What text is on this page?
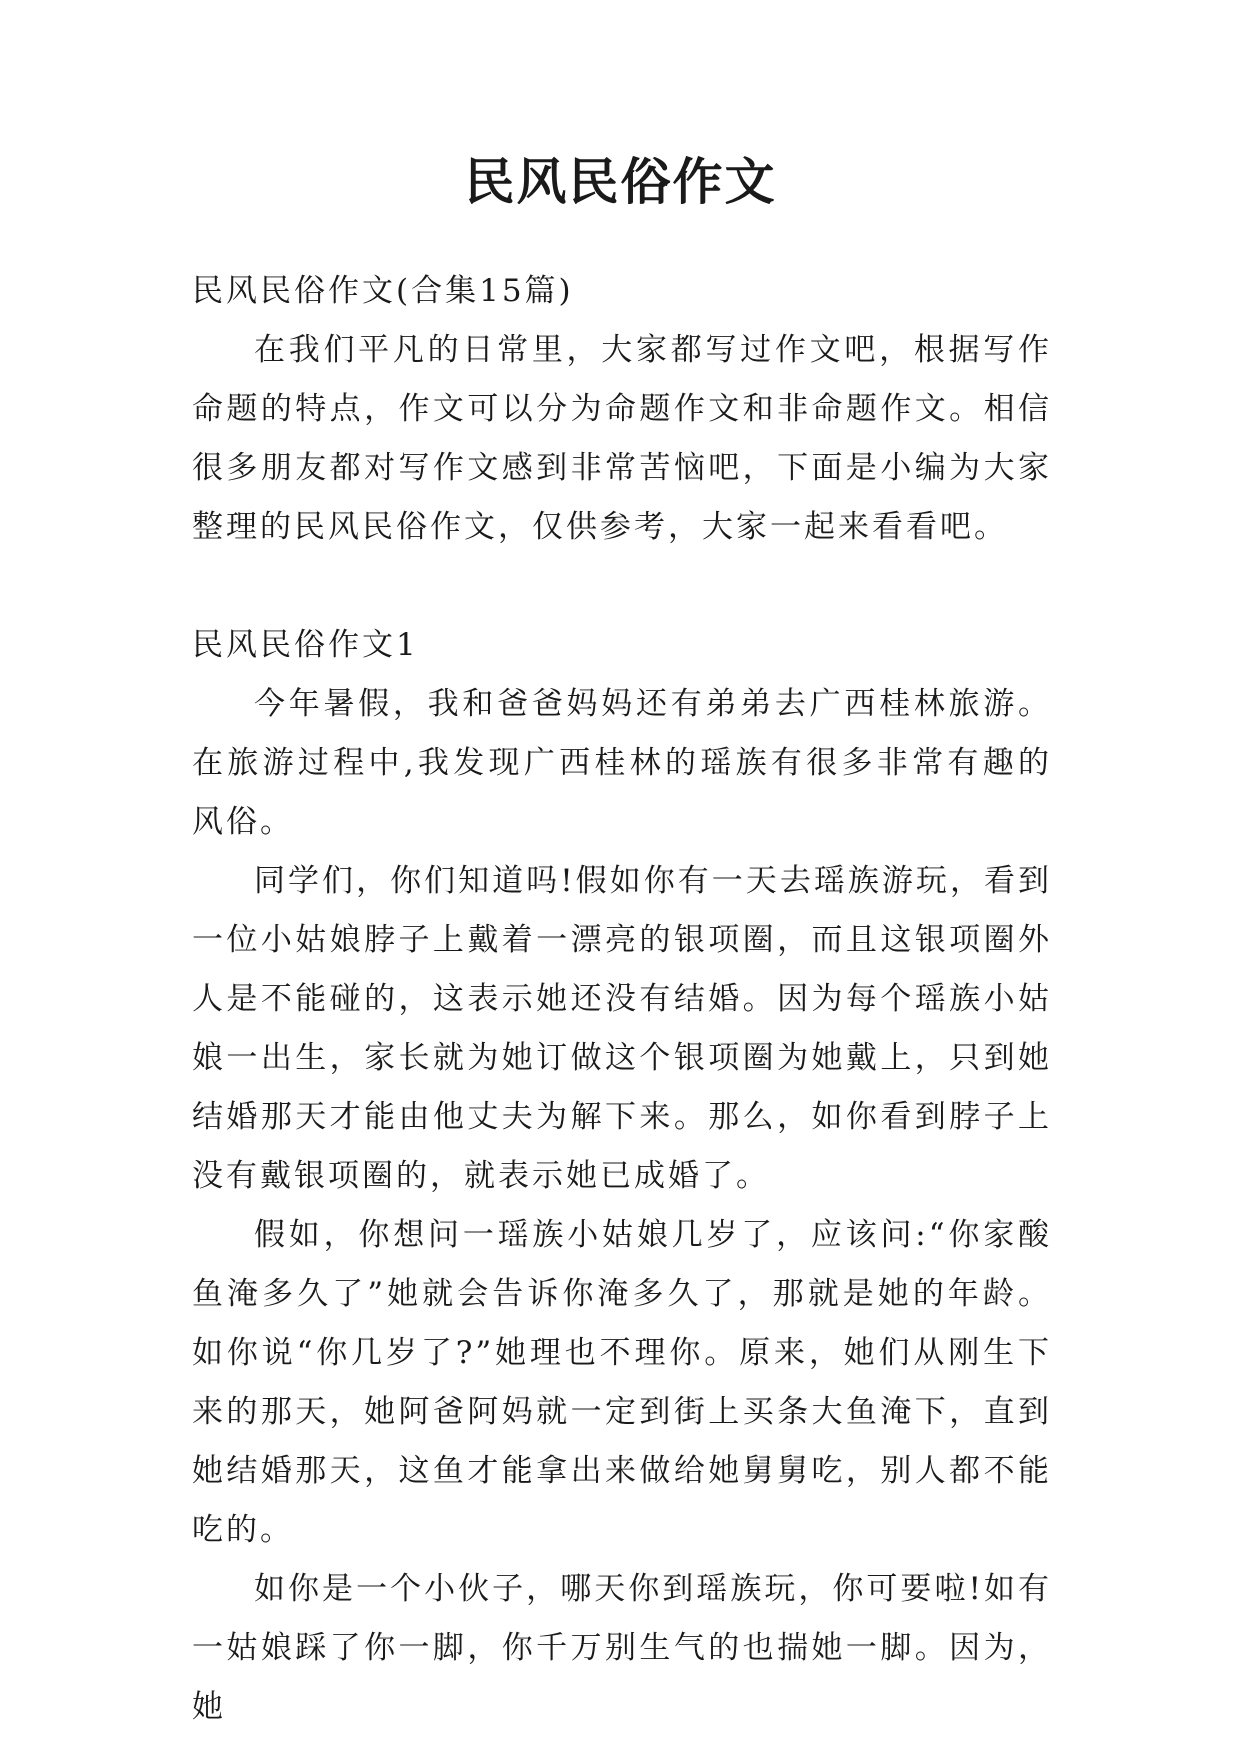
民风民俗作文

民风民俗作文(合集15篇)

在我们平凡的日常里，大家都写过作文吧，根据写作命题的特点，作文可以分为命题作文和非命题作文。相信很多朋友都对写作文感到非常苦恼吧，下面是小编为大家整理的民风民俗作文，仅供参考，大家一起来看看吧。

民风民俗作文1

今年暑假，我和爸爸妈妈还有弟弟去广西桂林旅游。在旅游过程中,我发现广西桂林的瑶族有很多非常有趣的风俗。

同学们，你们知道吗!假如你有一天去瑶族游玩，看到一位小姑娘脖子上戴着一漂亮的银项圈，而且这银项圈外人是不能碰的，这表示她还没有结婚。因为每个瑶族小姑娘一出生，家长就为她订做这个银项圈为她戴上，只到她结婚那天才能由他丈夫为解下来。那么，如你看到脖子上没有戴银项圈的，就表示她已成婚了。

假如，你想问一瑶族小姑娘几岁了，应该问:“你家酸鱼淹多久了”她就会告诉你淹多久了，那就是她的年龄。如你说“你几岁了?”她理也不理你。原来，她们从刚生下来的那天，她阿爸阿妈就一定到街上买条大鱼淹下，直到她结婚那天，这鱼才能拿出来做给她舅舅吃，别人都不能吃的。

如你是一个小伙子，哪天你到瑶族玩，你可要啦!如有一姑娘踩了你一脚，你千万别生气的也揣她一脚。因为，她
